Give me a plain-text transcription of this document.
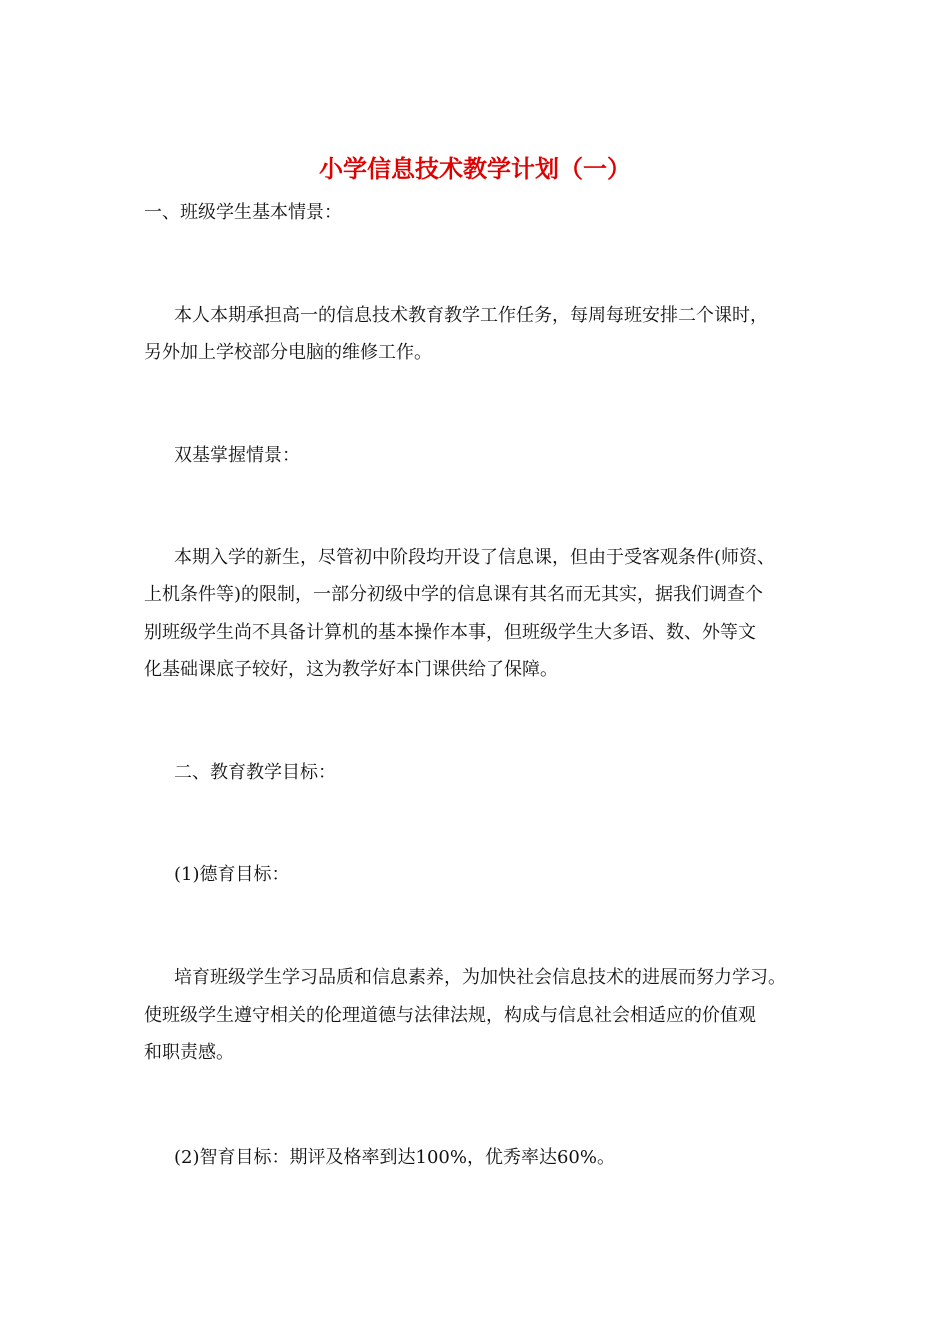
小学信息技术教学计划（一）
一、班级学生基本情景：
本人本期承担高一的信息技术教育教学工作任务，每周每班安排二个课时，
另外加上学校部分电脑的维修工作。
双基掌握情景：
本期入学的新生，尽管初中阶段均开设了信息课，但由于受客观条件(师资、
上机条件等)的限制，一部分初级中学的信息课有其名而无其实，据我们调查个
别班级学生尚不具备计算机的基本操作本事，但班级学生大多语、数、外等文
化基础课底子较好，这为教学好本门课供给了保障。
二、教育教学目标：
(1)德育目标：
培育班级学生学习品质和信息素养，为加快社会信息技术的进展而努力学习。
使班级学生遵守相关的伦理道德与法律法规，构成与信息社会相适应的价值观
和职责感。
(2)智育目标：期评及格率到达100%，优秀率达60%。
